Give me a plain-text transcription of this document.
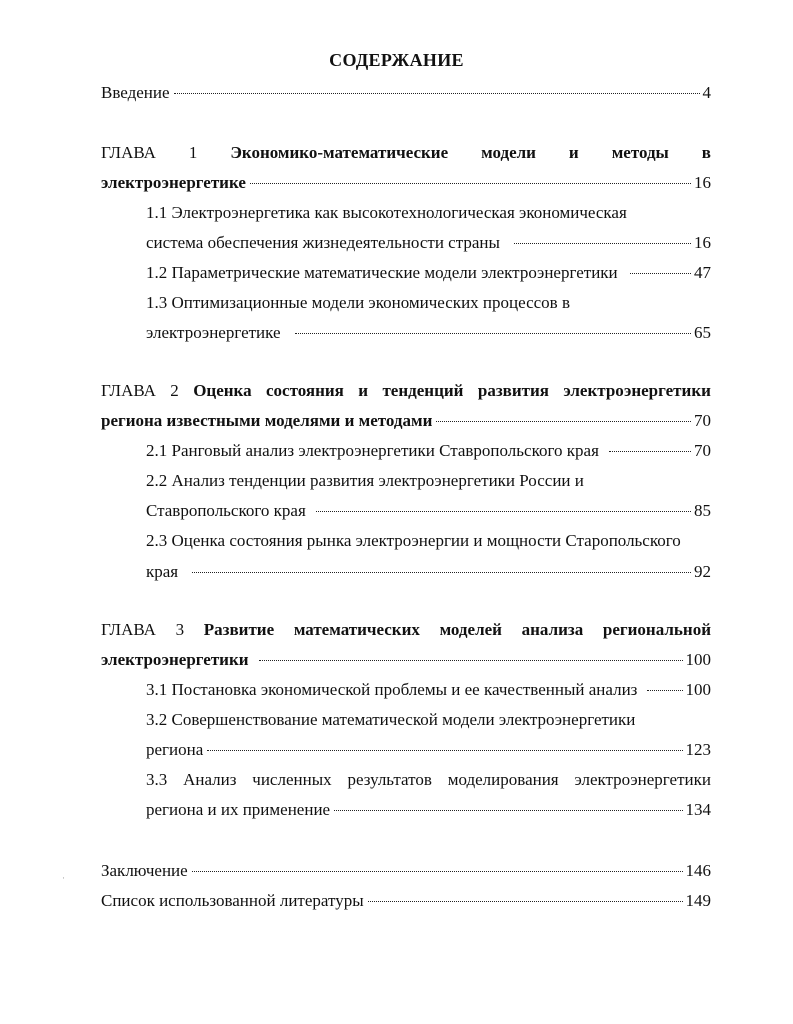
СОДЕРЖАНИЕ
Введение	4
ГЛАВА 1 Экономико-математические модели и методы в
электроэнергетике	16
1.1 Электроэнергетика как высокотехнологическая экономическая
система обеспечения жизнедеятельности страны	16
1.2 Параметрические математические модели электроэнергетики	47
1.3 Оптимизационные модели экономических процессов в
электроэнергетике	65
ГЛАВА 2 Оценка состояния и тенденций развития электроэнергетики
региона известными моделями и методами	70
2.1 Ранговый анализ электроэнергетики Ставропольского края	70
2.2 Анализ тенденции развития электроэнергетики России и
Ставропольского края	85
2.3 Оценка состояния рынка электроэнергии и мощности Старопольского
края	92
ГЛАВА 3 Развитие математических моделей анализа региональной
электроэнергетики	100
3.1 Постановка экономической проблемы и ее качественный анализ	100
3.2 Совершенствование математической модели электроэнергетики
региона	123
3.3 Анализ численных результатов моделирования электроэнергетики
региона и их применение	134
Заключение	146
Список использованной литературы	149
·
